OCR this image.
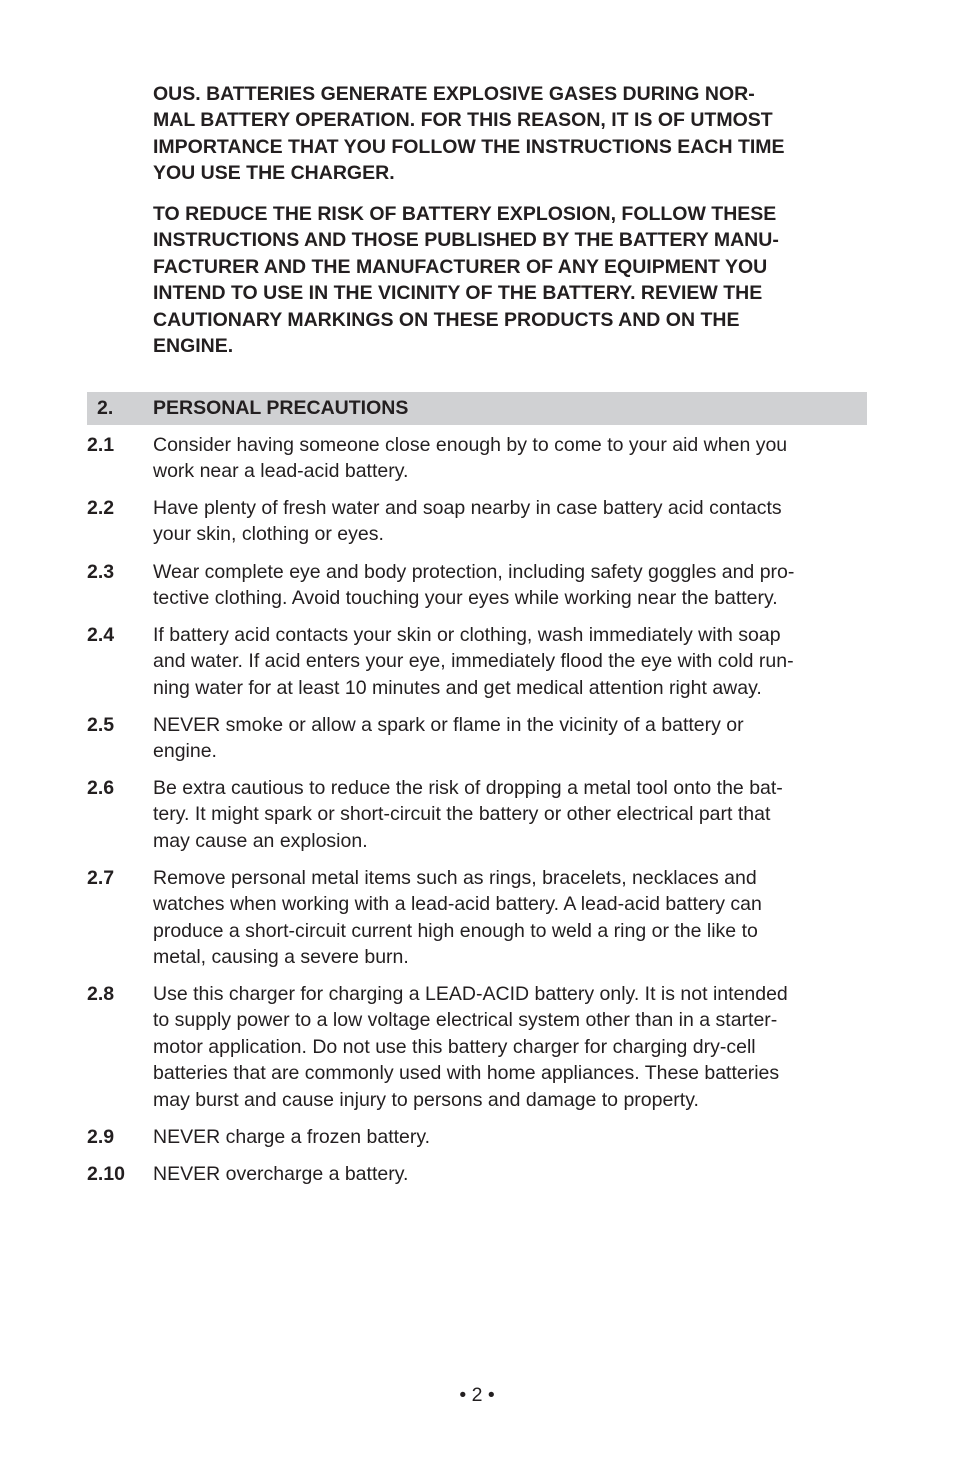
OUS. BATTERIES GENERATE EXPLOSIVE GASES DURING NOR-
MAL BATTERY OPERATION. FOR THIS REASON, IT IS OF UTMOST
IMPORTANCE THAT YOU FOLLOW THE INSTRUCTIONS EACH TIME
YOU USE THE CHARGER.

TO REDUCE THE RISK OF BATTERY EXPLOSION, FOLLOW THESE
INSTRUCTIONS AND THOSE PUBLISHED BY THE BATTERY MANU-
FACTURER AND THE MANUFACTURER OF ANY EQUIPMENT YOU
INTEND TO USE IN THE VICINITY OF THE BATTERY. REVIEW THE
CAUTIONARY MARKINGS ON THESE PRODUCTS AND ON THE
ENGINE.

2. PERSONAL PRECAUTIONS
2.1 Consider having someone close enough by to come to your aid when you
work near a lead-acid battery.
2.2 Have plenty of fresh water and soap nearby in case battery acid contacts
your skin, clothing or eyes.
2.3 Wear complete eye and body protection, including safety goggles and pro-
tective clothing. Avoid touching your eyes while working near the battery.
2.4 If battery acid contacts your skin or clothing, wash immediately with soap
and water. If acid enters your eye, immediately flood the eye with cold run-
ning water for at least 10 minutes and get medical attention right away.
2.5 NEVER smoke or allow a spark or flame in the vicinity of a battery or
engine.
2.6 Be extra cautious to reduce the risk of dropping a metal tool onto the bat-
tery. It might spark or short-circuit the battery or other electrical part that
may cause an explosion.
2.7 Remove personal metal items such as rings, bracelets, necklaces and
watches when working with a lead-acid battery. A lead-acid battery can
produce a short-circuit current high enough to weld a ring or the like to
metal, causing a severe burn.
2.8 Use this charger for charging a LEAD-ACID battery only. It is not intended
to supply power to a low voltage electrical system other than in a starter-
motor application. Do not use this battery charger for charging dry-cell
batteries that are commonly used with home appliances. These batteries
may burst and cause injury to persons and damage to property.
2.9 NEVER charge a frozen battery.
2.10 NEVER overcharge a battery.
• 2 •
